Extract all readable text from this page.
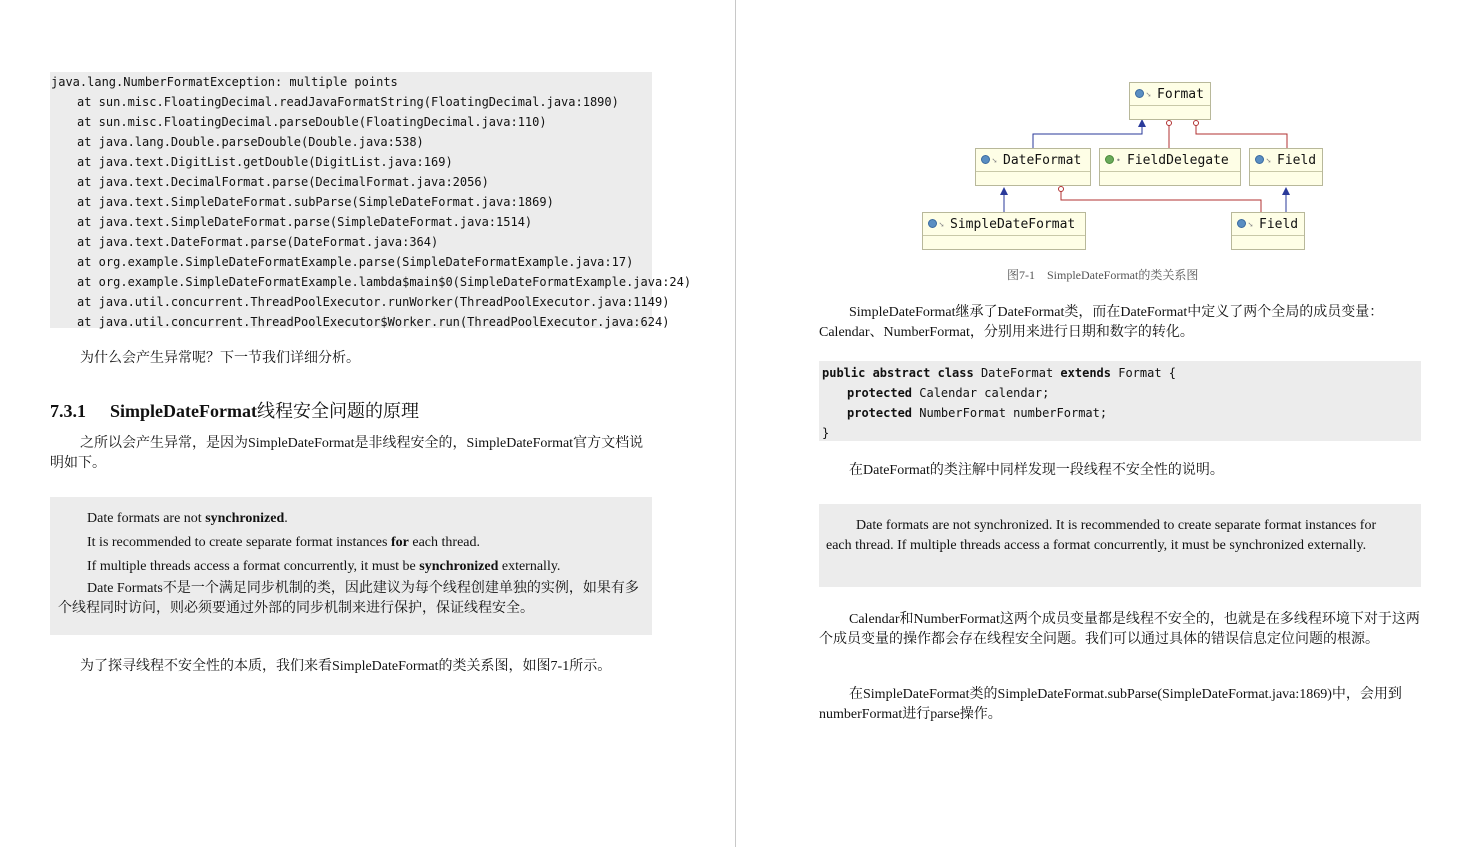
java.lang.NumberFormatException: multiple points
at sun.misc.FloatingDecimal.readJavaFormatString(FloatingDecimal.java:1890)
at sun.misc.FloatingDecimal.parseDouble(FloatingDecimal.java:110)
at java.lang.Double.parseDouble(Double.java:538)
at java.text.DigitList.getDouble(DigitList.java:169)
at java.text.DecimalFormat.parse(DecimalFormat.java:2056)
at java.text.SimpleDateFormat.subParse(SimpleDateFormat.java:1869)
at java.text.SimpleDateFormat.parse(SimpleDateFormat.java:1514)
at java.text.DateFormat.parse(DateFormat.java:364)
at org.example.SimpleDateFormatExample.parse(SimpleDateFormatExample.java:17)
at org.example.SimpleDateFormatExample.lambda$main$0(SimpleDateFormatExample.java:24)
at java.util.concurrent.ThreadPoolExecutor.runWorker(ThreadPoolExecutor.java:1149)
at java.util.concurrent.ThreadPoolExecutor$Worker.run(ThreadPoolExecutor.java:624)
为什么会产生异常呢？下一节我们详细分析。
7.3.1 SimpleDateFormat线程安全问题的原理
之所以会产生异常，是因为SimpleDateFormat是非线程安全的，SimpleDateFormat官方文档说明如下。
Date formats are not synchronized.
It is recommended to create separate format instances for each thread.
If multiple threads access a format concurrently, it must be synchronized externally.
Date Formats不是一个满足同步机制的类，因此建议为每个线程创建单独的实例，如果有多个线程同时访问，则必须要通过外部的同步机制来进行保护，保证线程安全。
为了探寻线程不安全性的本质，我们来看SimpleDateFormat的类关系图，如图7-1所示。
➘ Format
➘ DateFormat	• FieldDelegate	➘ Field
➘ SimpleDateFormat	➘ Field
图7-1　SimpleDateFormat的类关系图
SimpleDateFormat继承了DateFormat类，而在DateFormat中定义了两个全局的成员变量：Calendar、NumberFormat，分别用来进行日期和数字的转化。
public abstract class DateFormat extends Format {
protected Calendar calendar;
protected NumberFormat numberFormat;
}
在DateFormat的类注解中同样发现一段线程不安全性的说明。
Date formats are not synchronized. It is recommended to create separate format instances for each thread. If multiple threads access a format concurrently, it must be synchronized externally.
Calendar和NumberFormat这两个成员变量都是线程不安全的，也就是在多线程环境下对于这两个成员变量的操作都会存在线程安全问题。我们可以通过具体的错误信息定位问题的根源。
在SimpleDateFormat类的SimpleDateFormat.subParse(SimpleDateFormat.java:1869)中，会用到numberFormat进行parse操作。
